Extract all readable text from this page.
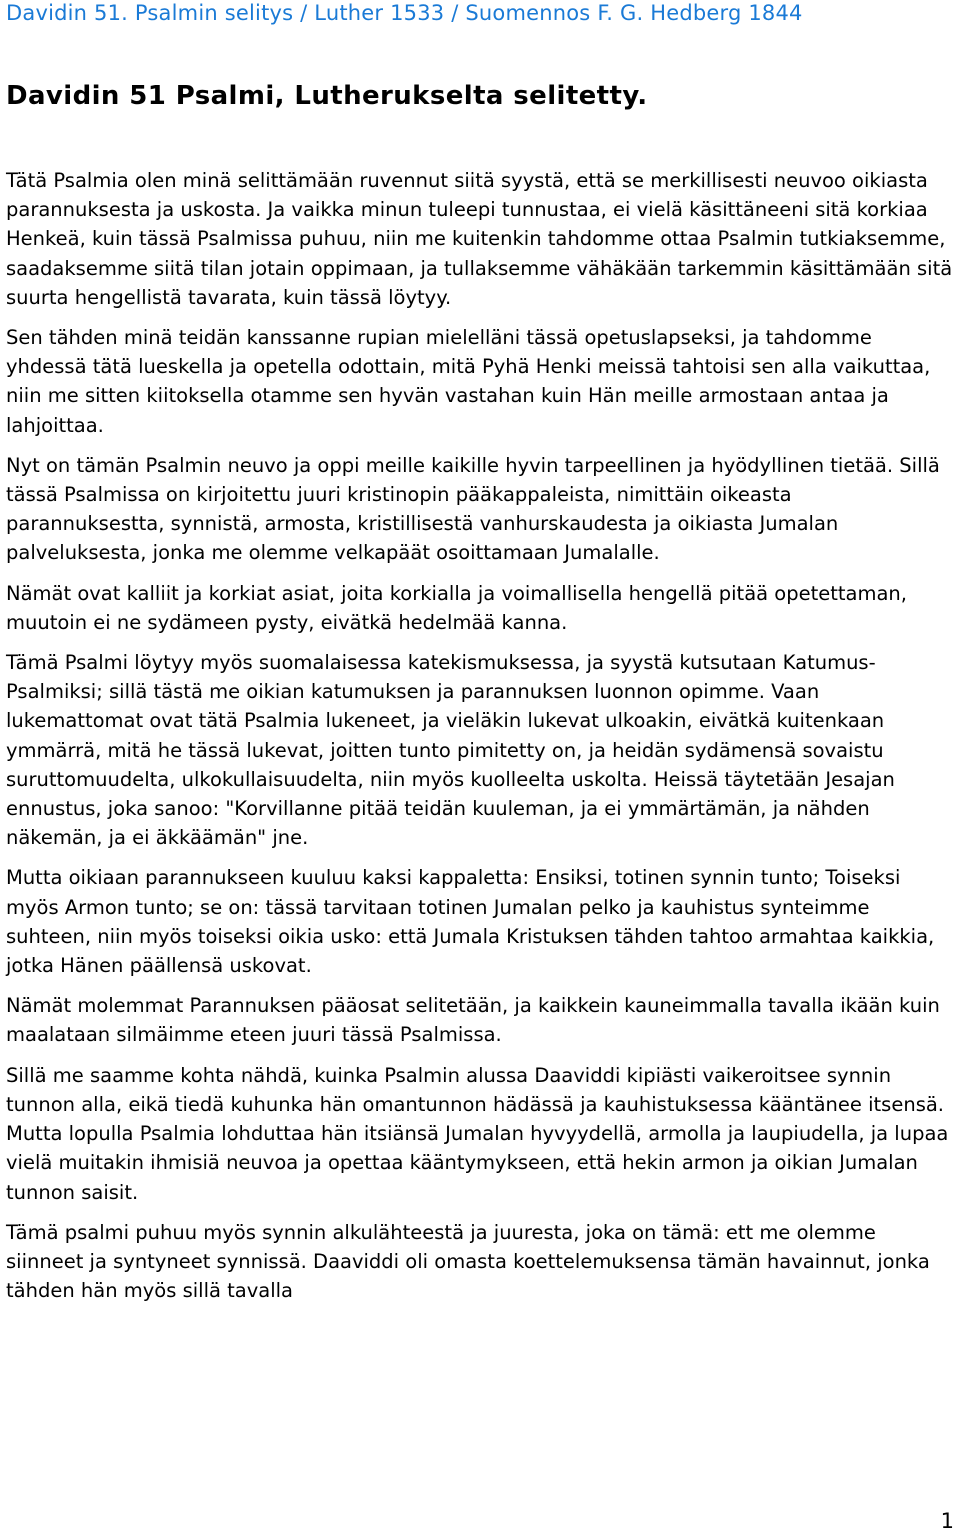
Davidin 51. Psalmin selitys / Luther 1533 / Suomennos F. G. Hedberg 1844
Davidin 51 Psalmi, Lutherukselta selitetty.

Tätä Psalmia olen minä selittämään ruvennut siitä syystä, että se merkillisesti neuvoo oikiasta parannuksesta ja uskosta. Ja vaikka minun tuleepi tunnustaa, ei vielä käsittäneeni sitä korkiaa Henkeä, kuin tässä Psalmissa puhuu, niin me kuitenkin tahdomme ottaa Psalmin tutkiaksemme, saadaksemme siitä tilan jotain oppimaan, ja tullaksemme vähäkään tarkemmin käsittämään sitä suurta hengellistä tavarata, kuin tässä löytyy.

Sen tähden minä teidän kanssanne rupian mielelläni tässä opetuslapseksi, ja tahdomme yhdessä tätä lueskella ja opetella odottain, mitä Pyhä Henki meissä tahtoisi sen alla vaikuttaa, niin me sitten kiitoksella otamme sen hyvän vastahan kuin Hän meille armostaan antaa ja lahjoittaa.

Nyt on tämän Psalmin neuvo ja oppi meille kaikille hyvin tarpeellinen ja hyödyllinen tietää. Sillä tässä Psalmissa on kirjoitettu juuri kristinopin pääkappaleista, nimittäin oikeasta parannuksestta, synnistä, armosta, kristillisestä vanhurskaudesta ja oikiasta Jumalan palveluksesta, jonka me olemme velkapäät osoittamaan Jumalalle.

Nämät ovat kalliit ja korkiat asiat, joita korkialla ja voimallisella hengellä pitää opetettaman, muutoin ei ne sydämeen pysty, eivätkä hedelmää kanna.

Tämä Psalmi löytyy myös suomalaisessa katekismuksessa, ja syystä kutsutaan Katumus-Psalmiksi; sillä tästä me oikian katumuksen ja parannuksen luonnon opimme. Vaan lukemattomat ovat tätä Psalmia lukeneet, ja vieläkin lukevat ulkoakin, eivätkä kuitenkaan ymmärrä, mitä he tässä lukevat, joitten tunto pimitetty on, ja heidän sydämensä sovaistu suruttomuudelta, ulkokullaisuudelta, niin myös kuolleelta uskolta. Heissä täytetään Jesajan ennustus, joka sanoo: "Korvillanne pitää teidän kuuleman, ja ei ymmärtämän, ja nähden näkemän, ja ei äkkäämän" jne.

Mutta oikiaan parannukseen kuuluu kaksi kappaletta: Ensiksi, totinen synnin tunto; Toiseksi myös Armon tunto; se on: tässä tarvitaan totinen Jumalan pelko ja kauhistus synteimme suhteen, niin myös toiseksi oikia usko: että Jumala Kristuksen tähden tahtoo armahtaa kaikkia, jotka Hänen päällensä uskovat.

Nämät molemmat Parannuksen pääosat selitetään, ja kaikkein kauneimmalla tavalla ikään kuin maalataan silmäimme eteen juuri tässä Psalmissa.

Sillä me saamme kohta nähdä, kuinka Psalmin alussa Daaviddi kipiästi vaikeroitsee synnin tunnon alla, eikä tiedä kuhunka hän omantunnon hädässä ja kauhistuksessa kääntänee itsensä. Mutta lopulla Psalmia lohduttaa hän itsiänsä Jumalan hyvyydellä, armolla ja laupiudella, ja lupaa vielä muitakin ihmisiä neuvoa ja opettaa kääntymykseen, että hekin armon ja oikian Jumalan tunnon saisit.

Tämä psalmi puhuu myös synnin alkulähteestä ja juuresta, joka on tämä: ett me olemme siinneet ja syntyneet synnissä. Daaviddi oli omasta koettelemuksensa tämän havainnut, jonka tähden hän myös sillä tavalla

1
